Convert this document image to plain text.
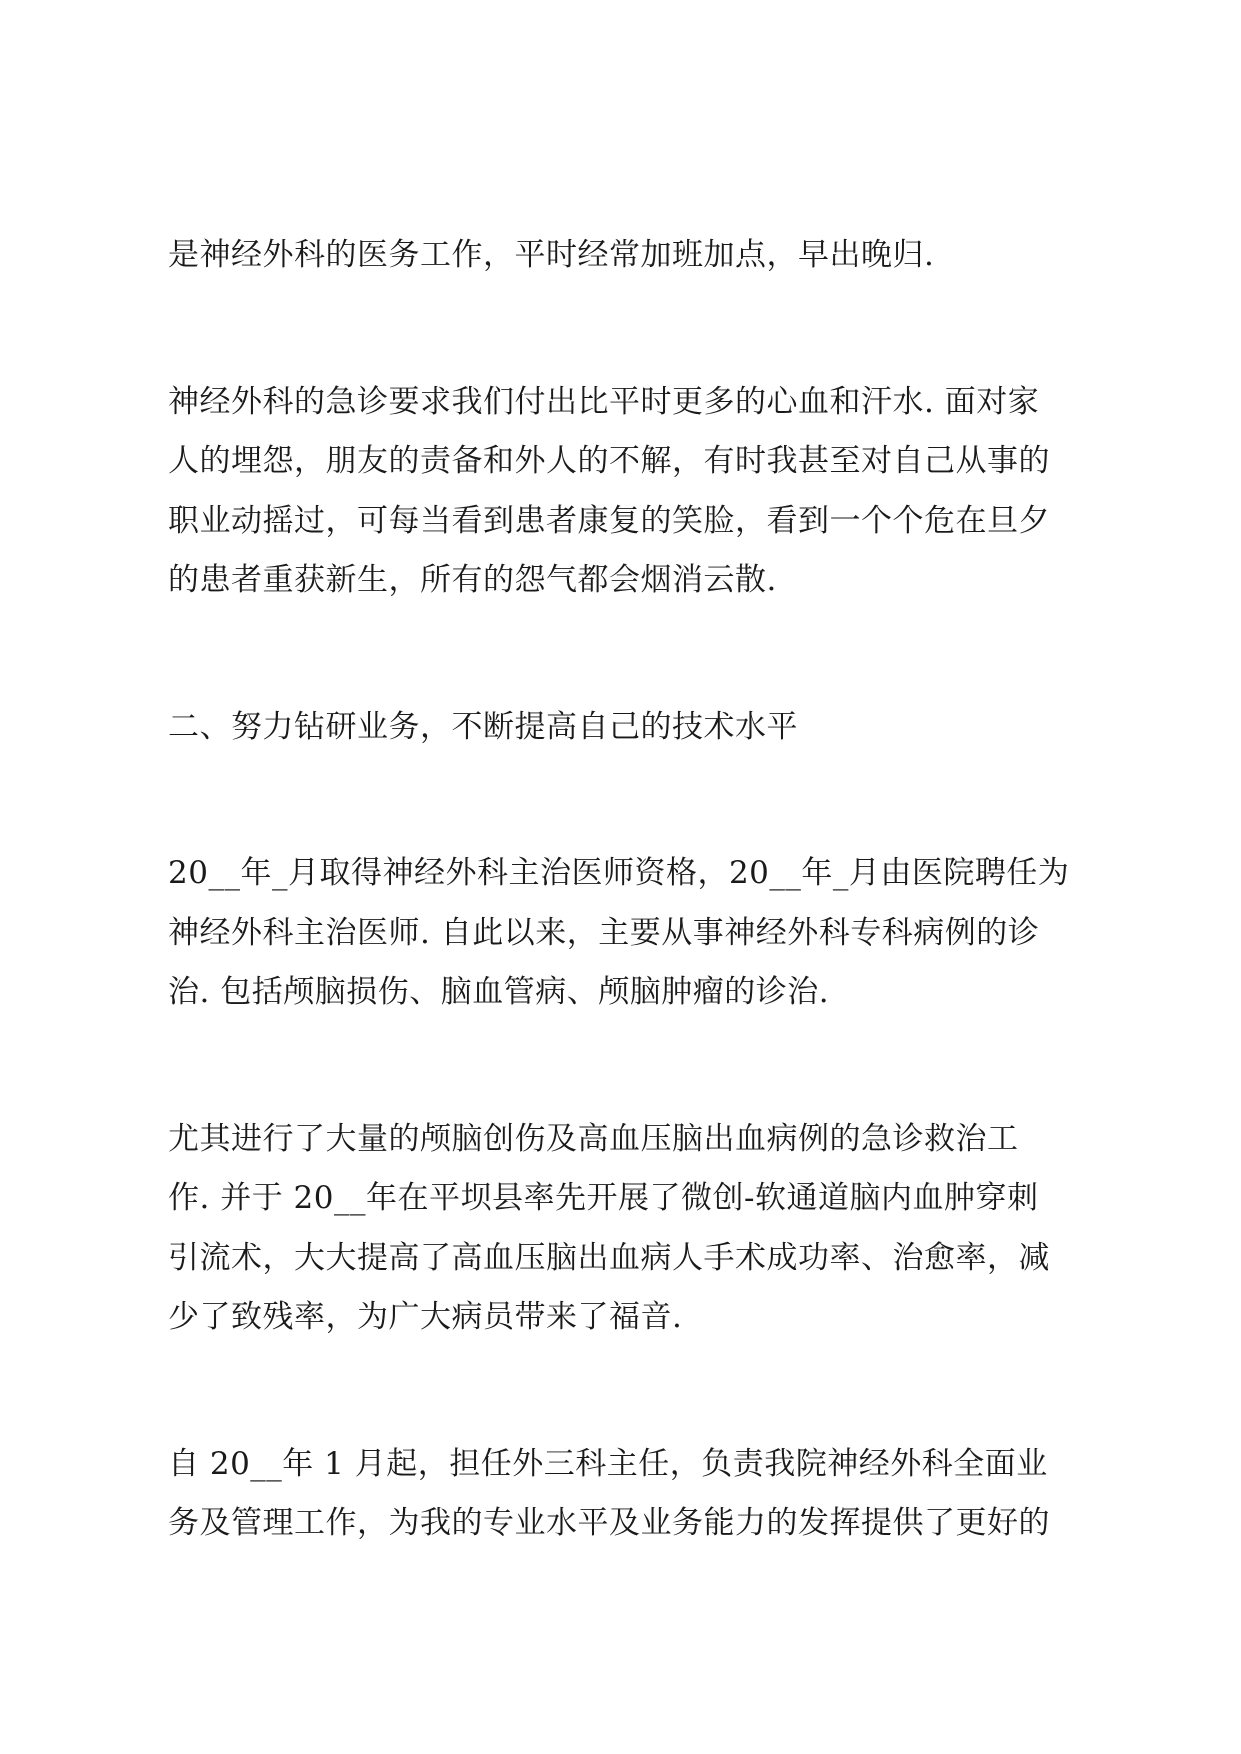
是神经外科的医务工作，平时经常加班加点，早出晚归.
神经外科的急诊要求我们付出比平时更多的心血和汗水. 面对家
人的埋怨，朋友的责备和外人的不解，有时我甚至对自己从事的
职业动摇过，可每当看到患者康复的笑脸，看到一个个危在旦夕
的患者重获新生，所有的怨气都会烟消云散.
二、努力钻研业务，不断提高自己的技术水平
20__年_月取得神经外科主治医师资格，20__年_月由医院聘任为
神经外科主治医师. 自此以来，主要从事神经外科专科病例的诊
治. 包括颅脑损伤、脑血管病、颅脑肿瘤的诊治.
尤其进行了大量的颅脑创伤及高血压脑出血病例的急诊救治工
作. 并于 20__年在平坝县率先开展了微创-软通道脑内血肿穿刺
引流术，大大提高了高血压脑出血病人手术成功率、治愈率，减
少了致残率，为广大病员带来了福音.
自 20__年 1 月起，担任外三科主任，负责我院神经外科全面业
务及管理工作，为我的专业水平及业务能力的发挥提供了更好的
